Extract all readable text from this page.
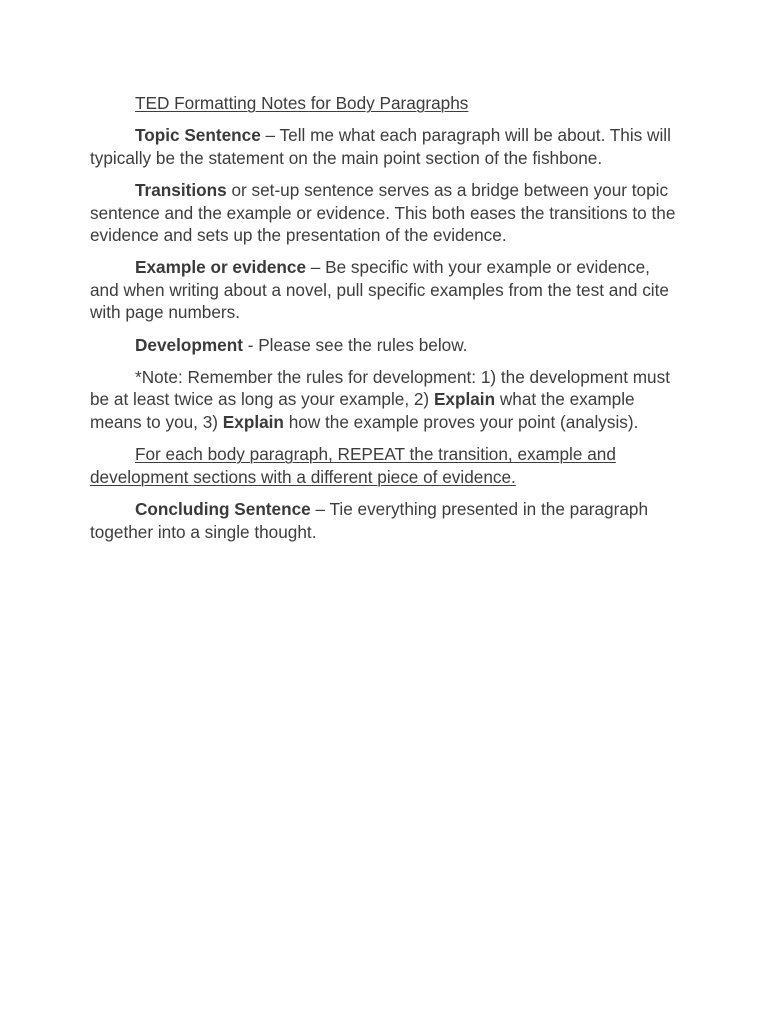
TED Formatting Notes for Body Paragraphs

Topic Sentence – Tell me what each paragraph will be about. This will typically be the statement on the main point section of the fishbone.

Transitions or set-up sentence serves as a bridge between your topic sentence and the example or evidence. This both eases the transitions to the evidence and sets up the presentation of the evidence.

Example or evidence – Be specific with your example or evidence, and when writing about a novel, pull specific examples from the test and cite with page numbers.

Development - Please see the rules below.

*Note: Remember the rules for development: 1) the development must be at least twice as long as your example, 2) Explain what the example means to you, 3) Explain how the example proves your point (analysis).

For each body paragraph, REPEAT the transition, example and development sections with a different piece of evidence.

Concluding Sentence – Tie everything presented in the paragraph together into a single thought.
